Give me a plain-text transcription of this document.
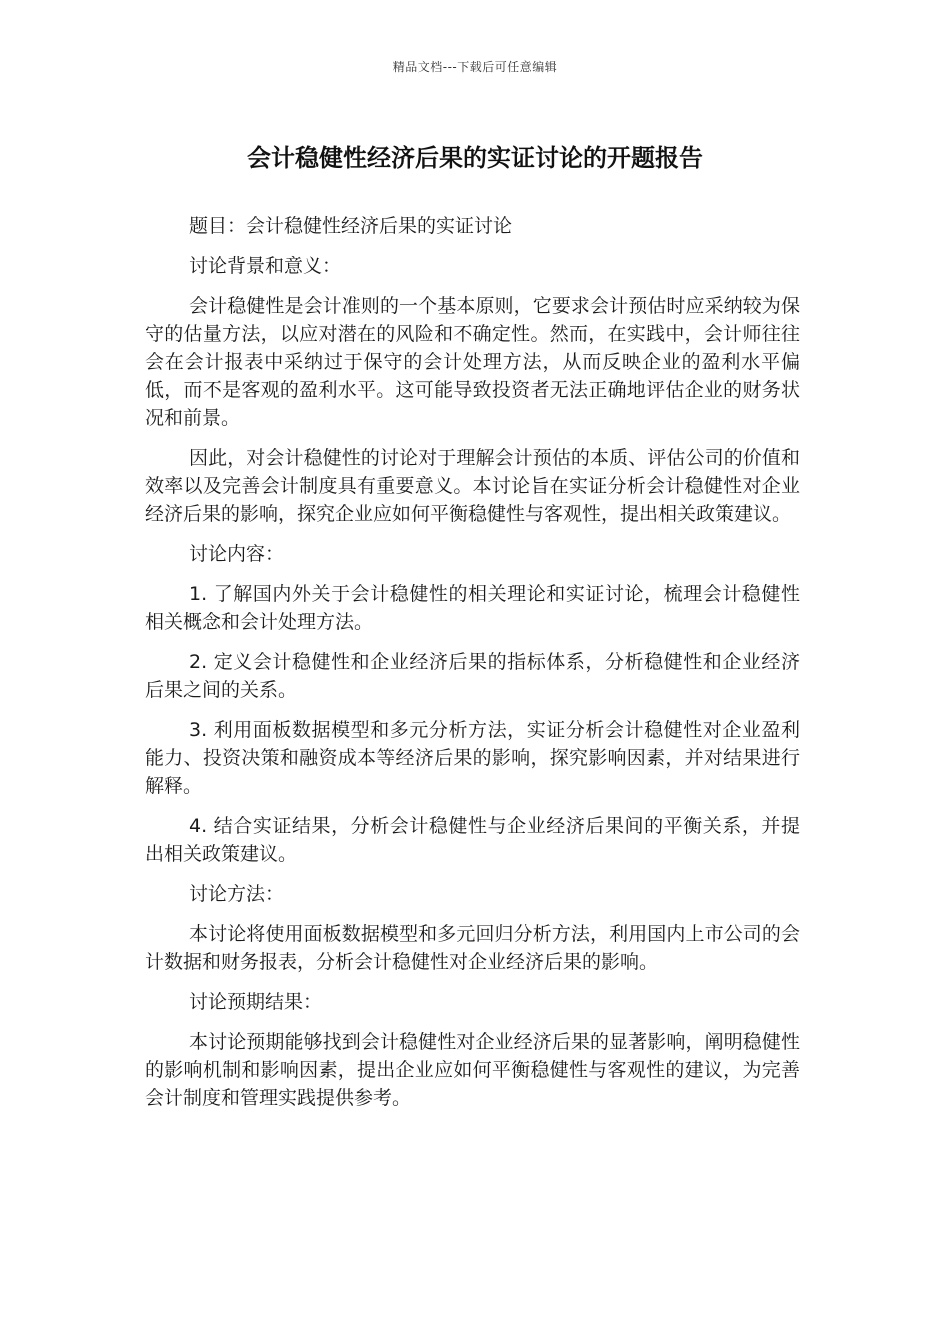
精品文档---下载后可任意编辑
会计稳健性经济后果的实证讨论的开题报告

题目：会计稳健性经济后果的实证讨论

讨论背景和意义：

会计稳健性是会计准则的一个基本原则，它要求会计预估时应采纳较为保守的估量方法，以应对潜在的风险和不确定性。然而，在实践中，会计师往往会在会计报表中采纳过于保守的会计处理方法，从而反映企业的盈利水平偏低，而不是客观的盈利水平。这可能导致投资者无法正确地评估企业的财务状况和前景。

因此，对会计稳健性的讨论对于理解会计预估的本质、评估公司的价值和效率以及完善会计制度具有重要意义。本讨论旨在实证分析会计稳健性对企业经济后果的影响，探究企业应如何平衡稳健性与客观性，提出相关政策建议。

讨论内容：

1. 了解国内外关于会计稳健性的相关理论和实证讨论，梳理会计稳健性相关概念和会计处理方法。

2. 定义会计稳健性和企业经济后果的指标体系，分析稳健性和企业经济后果之间的关系。

3. 利用面板数据模型和多元分析方法，实证分析会计稳健性对企业盈利能力、投资决策和融资成本等经济后果的影响，探究影响因素，并对结果进行解释。

4. 结合实证结果，分析会计稳健性与企业经济后果间的平衡关系，并提出相关政策建议。

讨论方法：

本讨论将使用面板数据模型和多元回归分析方法，利用国内上市公司的会计数据和财务报表，分析会计稳健性对企业经济后果的影响。

讨论预期结果：

本讨论预期能够找到会计稳健性对企业经济后果的显著影响，阐明稳健性的影响机制和影响因素，提出企业应如何平衡稳健性与客观性的建议，为完善会计制度和管理实践提供参考。
